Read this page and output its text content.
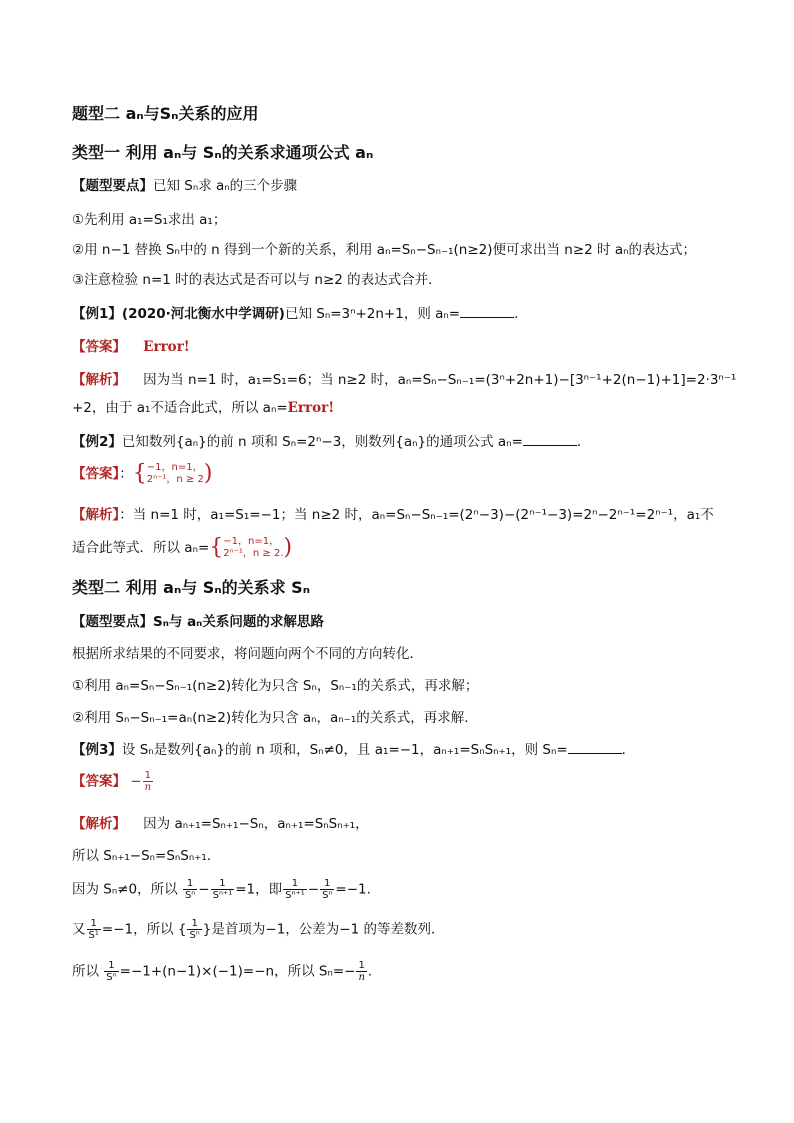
题型二 aₙ与Sₙ关系的应用
类型一 利用 aₙ与 Sₙ的关系求通项公式 aₙ
【题型要点】已知 Sₙ求 aₙ的三个步骤
①先利用 a₁=S₁求出 a₁；
②用 n−1 替换 Sₙ中的 n 得到一个新的关系，利用 aₙ=Sₙ−Sₙ₋₁(n≥2)便可求出当 n≥2 时 aₙ的表达式；
③注意检验 n=1 时的表达式是否可以与 n≥2 的表达式合并．
【例1】(2020·河北衡水中学调研)已知 Sₙ=3ⁿ+2n+1，则 aₙ=	.
【答案】 Error!
【解析】 因为当 n=1 时，a₁=S₁=6；当 n≥2 时，aₙ=Sₙ−Sₙ₋₁=(3ⁿ+2n+1)−[3ⁿ⁻¹+2(n−1)+1]=2·3ⁿ⁻¹
+2，由于 a₁不适合此式，所以 aₙ=Error!
【例2】已知数列{aₙ}的前 n 项和 Sₙ=2ⁿ−3，则数列{aₙ}的通项公式 aₙ=	．
【答案】：{ −1，n=1，
2ⁿ⁻¹，n ≥ 2 )
【解析】：当 n=1 时，a₁=S₁=−1；当 n≥2 时，aₙ=Sₙ−Sₙ₋₁=(2ⁿ−3)−(2ⁿ⁻¹−3)=2ⁿ−2ⁿ⁻¹=2ⁿ⁻¹，a₁不
适合此等式．所以 aₙ={ −1，n=1，
2ⁿ⁻¹，n ≥ 2. )
类型二 利用 aₙ与 Sₙ的关系求 Sₙ
【题型要点】Sₙ与 aₙ关系问题的求解思路
根据所求结果的不同要求，将问题向两个不同的方向转化．
①利用 aₙ=Sₙ−Sₙ₋₁(n≥2)转化为只含 Sₙ，Sₙ₋₁的关系式，再求解；
②利用 Sₙ−Sₙ₋₁=aₙ(n≥2)转化为只含 aₙ，aₙ₋₁的关系式，再求解．
【例3】设 Sₙ是数列{aₙ}的前 n 项和，Sₙ≠0，且 a₁=−1，aₙ₊₁=SₙSₙ₊₁，则 Sₙ=	．
【答案】 − $\frac{1}{n}$
【解析】 因为 aₙ₊₁=Sₙ₊₁−Sₙ，aₙ₊₁=SₙSₙ₊₁，
所以 Sₙ₊₁−Sₙ=SₙSₙ₊₁.
因为 Sₙ≠0，所以 $\frac{1}{\text{Sⁿ}} - \frac{1}{\text{Sⁿ⁺¹}} =1$，即 $\frac{1}{\text{Sⁿ⁺¹}} - \frac{1}{\text{Sⁿ}} =-1$.
又 $\frac{1}{\text{S¹}} =-1$，所以 { $\frac{1}{\text{Sⁿ}}$ }是首项为−1，公差为−1 的等差数列．
所以 $\frac{1}{\text{Sⁿ}} =-1+(n-1)\times(-1)=-n$，所以 $S_n=- \frac{1}{n}$ .
